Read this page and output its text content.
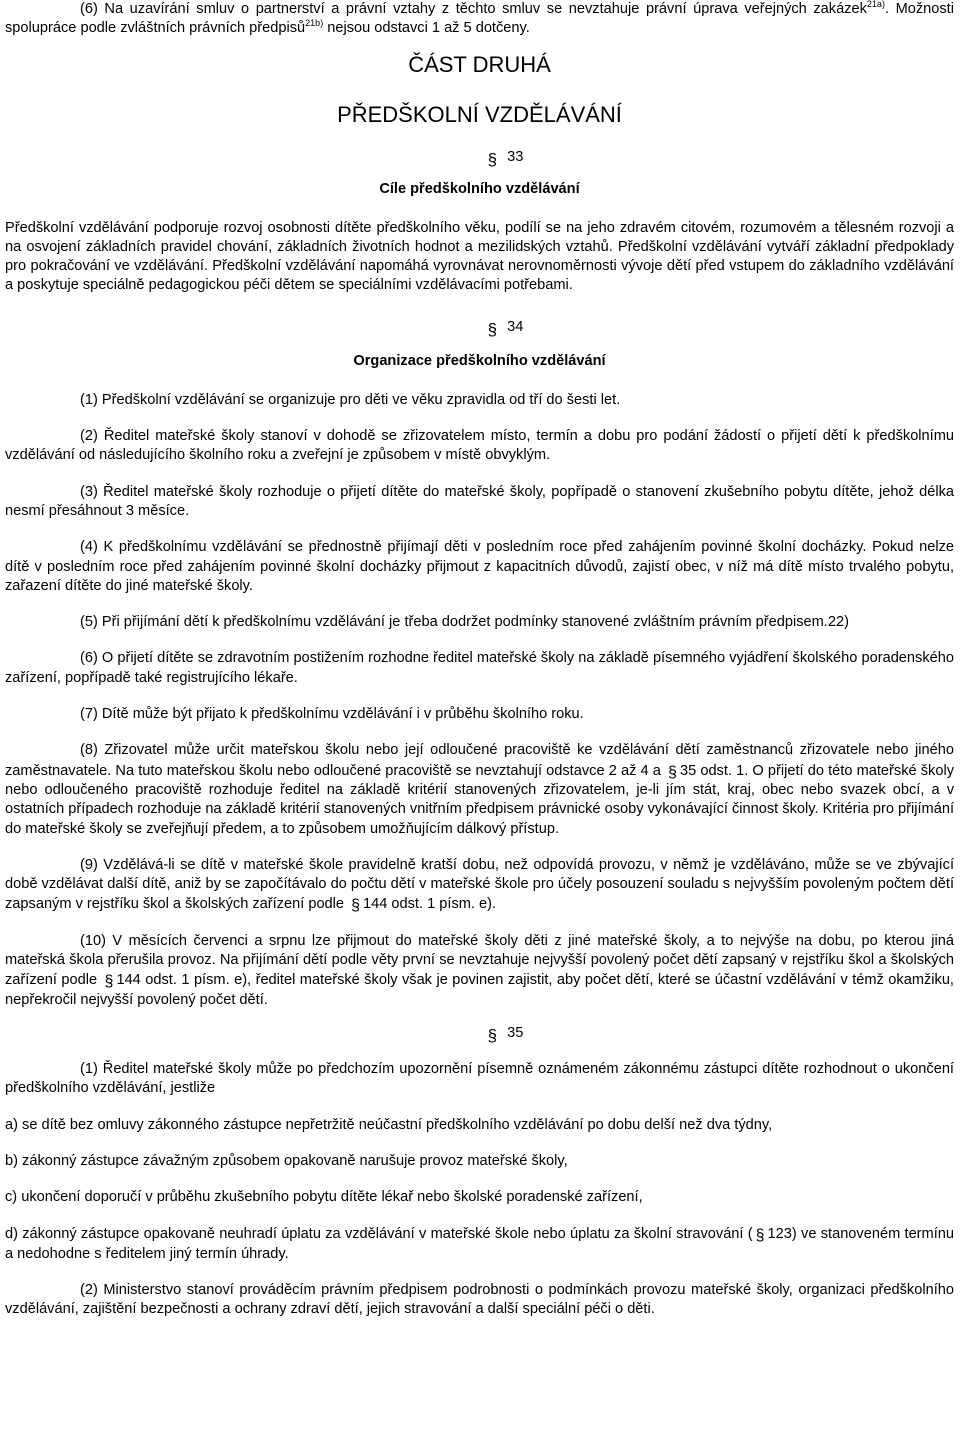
(6) Na uzavírání smluv o partnerství a právní vztahy z těchto smluv se nevztahuje právní úprava veřejných zakázek$^{21a)}$. Možnosti spolupráce podle zvláštních právních předpisů$^{21b)}$ nejsou odstavci 1 až 5 dotčeny.

ČÁST DRUHÁ
PŘEDŠKOLNÍ VZDĚLÁVÁNÍ
§ 33
Cíle předškolního vzdělávání

Předškolní vzdělávání podporuje rozvoj osobnosti dítěte předškolního věku, podílí se na jeho zdravém citovém, rozumovém a tělesném rozvoji a na osvojení základních pravidel chování, základních životních hodnot a mezilidských vztahů. Předškolní vzdělávání vytváří základní předpoklady pro pokračování ve vzdělávání. Předškolní vzdělávání napomáhá vyrovnávat nerovnoměrnosti vývoje dětí před vstupem do základního vzdělávání a poskytuje speciálně pedagogickou péči dětem se speciálními vzdělávacími potřebami.

§ 34
Organizace předškolního vzdělávání

(1) Předškolní vzdělávání se organizuje pro děti ve věku zpravidla od tří do šesti let.

(2) Ředitel mateřské školy stanoví v dohodě se zřizovatelem místo, termín a dobu pro podání žádostí o přijetí dětí k předškolnímu vzdělávání od následujícího školního roku a zveřejní je způsobem v místě obvyklým.

(3) Ředitel mateřské školy rozhoduje o přijetí dítěte do mateřské školy, popřípadě o stanovení zkušebního pobytu dítěte, jehož délka nesmí přesáhnout 3 měsíce.

(4) K předškolnímu vzdělávání se přednostně přijímají děti v posledním roce před zahájením povinné školní docházky. Pokud nelze dítě v posledním roce před zahájením povinné školní docházky přijmout z kapacitních důvodů, zajistí obec, v níž má dítě místo trvalého pobytu, zařazení dítěte do jiné mateřské školy.

(5) Při přijímání dětí k předškolnímu vzdělávání je třeba dodržet podmínky stanovené zvláštním právním předpisem.22)

(6) O přijetí dítěte se zdravotním postižením rozhodne ředitel mateřské školy na základě písemného vyjádření školského poradenského zařízení, popřípadě také registrujícího lékaře.

(7) Dítě může být přijato k předškolnímu vzdělávání i v průběhu školního roku.

(8) Zřizovatel může určit mateřskou školu nebo její odloučené pracoviště ke vzdělávání dětí zaměstnanců zřizovatele nebo jiného zaměstnavatele. Na tuto mateřskou školu nebo odloučené pracoviště se nevztahují odstavce 2 až 4 a § 35 odst. 1. O přijetí do této mateřské školy nebo odloučeného pracoviště rozhoduje ředitel na základě kritérií stanovených zřizovatelem, je-li jím stát, kraj, obec nebo svazek obcí, a v ostatních případech rozhoduje na základě kritérií stanovených vnitřním předpisem právnické osoby vykonávající činnost školy. Kritéria pro přijímání do mateřské školy se zveřejňují předem, a to způsobem umožňujícím dálkový přístup.

(9) Vzdělává-li se dítě v mateřské škole pravidelně kratší dobu, než odpovídá provozu, v němž je vzděláváno, může se ve zbývající době vzdělávat další dítě, aniž by se započítávalo do počtu dětí v mateřské škole pro účely posouzení souladu s nejvyšším povoleným počtem dětí zapsaným v rejstříku škol a školských zařízení podle § 144 odst. 1 písm. e).

(10) V měsících červenci a srpnu lze přijmout do mateřské školy děti z jiné mateřské školy, a to nejvýše na dobu, po kterou jiná mateřská škola přerušila provoz. Na přijímání dětí podle věty první se nevztahuje nejvyšší povolený počet dětí zapsaný v rejstříku škol a školských zařízení podle § 144 odst. 1 písm. e), ředitel mateřské školy však je povinen zajistit, aby počet dětí, které se účastní vzdělávání v témž okamžiku, nepřekročil nejvyšší povolený počet dětí.

§ 35

(1) Ředitel mateřské školy může po předchozím upozornění písemně oznámeném zákonnému zástupci dítěte rozhodnout o ukončení předškolního vzdělávání, jestliže

a) se dítě bez omluvy zákonného zástupce nepřetržitě neúčastní předškolního vzdělávání po dobu delší než dva týdny,

b) zákonný zástupce závažným způsobem opakovaně narušuje provoz mateřské školy,

c) ukončení doporučí v průběhu zkušebního pobytu dítěte lékař nebo školské poradenské zařízení,

d) zákonný zástupce opakovaně neuhradí úplatu za vzdělávání v mateřské škole nebo úplatu za školní stravování ( § 123) ve stanoveném termínu a nedohodne s ředitelem jiný termín úhrady.

(2) Ministerstvo stanoví prováděcím právním předpisem podrobnosti o podmínkách provozu mateřské školy, organizaci předškolního vzdělávání, zajištění bezpečnosti a ochrany zdraví dětí, jejich stravování a další speciální péči o děti.
